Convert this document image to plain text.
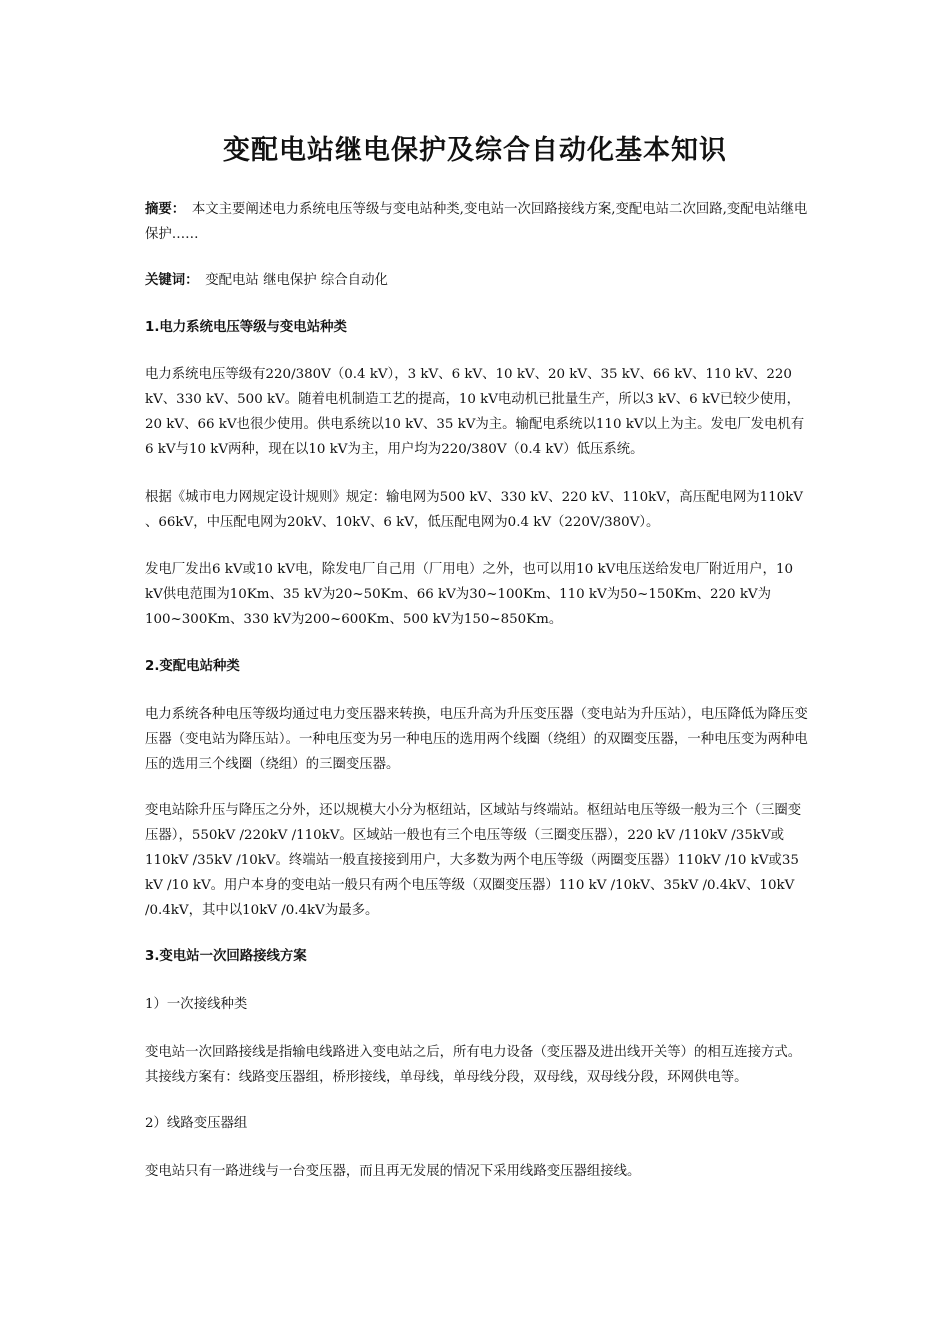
变配电站继电保护及综合自动化基本知识

摘要：　本文主要阐述电力系统电压等级与变电站种类,变电站一次回路接线方案,变配电站二次回路,变配电站继电保护……

关键词：　变配电站 继电保护 综合自动化

1.电力系统电压等级与变电站种类

电力系统电压等级有220/380V（0.4 kV），3 kV、6 kV、10 kV、20 kV、35 kV、66 kV、110 kV、220 kV、330 kV、500 kV。随着电机制造工艺的提高，10 kV电动机已批量生产，所以3 kV、6 kV已较少使用，20 kV、66 kV也很少使用。供电系统以10 kV、35 kV为主。输配电系统以110 kV以上为主。发电厂发电机有6 kV与10 kV两种，现在以10 kV为主，用户均为220/380V（0.4 kV）低压系统。

根据《城市电力网规定设计规则》规定：输电网为500 kV、330 kV、220 kV、110kV，高压配电网为110kV 、66kV，中压配电网为20kV、10kV、6 kV，低压配电网为0.4 kV（220V/380V）。

发电厂发出6 kV或10 kV电，除发电厂自己用（厂用电）之外，也可以用10 kV电压送给发电厂附近用户，10 kV供电范围为10Km、35 kV为20~50Km、66 kV为30~100Km、110 kV为50~150Km、220 kV为100~300Km、330 kV为200~600Km、500 kV为150~850Km。

2.变配电站种类

电力系统各种电压等级均通过电力变压器来转换，电压升高为升压变压器（变电站为升压站），电压降低为降压变压器（变电站为降压站）。一种电压变为另一种电压的选用两个线圈（绕组）的双圈变压器，一种电压变为两种电压的选用三个线圈（绕组）的三圈变压器。

变电站除升压与降压之分外，还以规模大小分为枢纽站，区域站与终端站。枢纽站电压等级一般为三个（三圈变压器），550kV /220kV /110kV。区域站一般也有三个电压等级（三圈变压器），220 kV /110kV /35kV或110kV /35kV /10kV。终端站一般直接接到用户，大多数为两个电压等级（两圈变压器）110kV /10 kV或35 kV /10 kV。用户本身的变电站一般只有两个电压等级（双圈变压器）110 kV /10kV、35kV /0.4kV、10kV /0.4kV，其中以10kV /0.4kV为最多。

3.变电站一次回路接线方案

1）一次接线种类

变电站一次回路接线是指输电线路进入变电站之后，所有电力设备（变压器及进出线开关等）的相互连接方式。其接线方案有：线路变压器组，桥形接线，单母线，单母线分段，双母线，双母线分段，环网供电等。

2）线路变压器组

变电站只有一路进线与一台变压器，而且再无发展的情况下采用线路变压器组接线。
